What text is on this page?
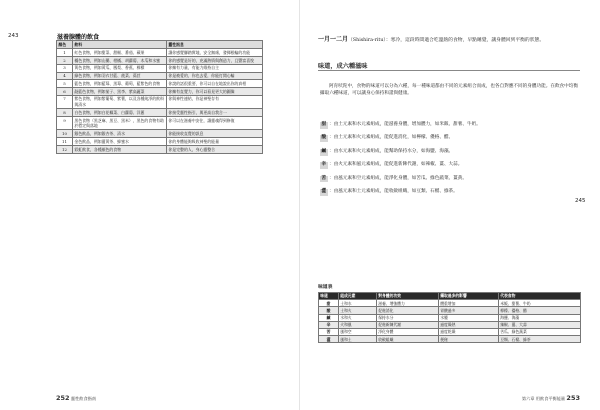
243	滋養腺體的飲食
顏色	飲料	靈性訊息
1	紅色食物，例如甜菜、甜椒、番茄、蘋果	讓你感覺腳踏實地，安全無虞，發揮根輪的功能
2	橘色食物，例如山藥、柑橘、胡蘿蔔、木瓜和水蜜	你的感覺是好的，充滿熱情與創造力，且豐富喜悅
3	黃色食物，例如黃瓜、鳳梨、香蕉、檸檬	你擁有力量，有能力維持自主
4	綠色食物，例如羽衣甘藍、菠菜、萵苣	你是被愛的，你也去愛，你能打開心輪
5	藍色食物，例如藍莓、黑莓、葡萄，藍紫色的食物	你說的話很重要，你可以自在地說出你的真相
6	靛藍色食物，例如茄子、黑李、紫高麗菜	你擁有直覺力，你可以看見更大的圖像
7	紫色食物，例如紫葡萄、紫薯，以及各種純淨的飲料與清水	你與神性連結，你是神聖存有
8	白色食物，例如白花椰菜、白蘿蔔、洋蔥	你接受靈性指引，與更高自我合一
9	黑色食物（黑芝麻、黑豆、黑米），黑色的食物有助於穩定與落地	你可以在滋養中安住，讓靈魂得到修復
10	銀色飲品，例如銀杏茶、清水	你能接收直覺的訊息
11	金色飲品，例如薑黃茶、蜂蜜水	你的身體能夠吸收神聖的能量
12	彩虹飲食，各種顏色的食物	你是完整的人，身心靈整合
252 靈性飲食指南
一月一二月（Shishira-ritu）：寒冷，這段時間適合吃溫熱的食物，早點睡覺，讓身體回到平衡的狀態。
味道，成六種滋味

阿育吠陀中，食物的味道可以分為六種，每一種味道都由不同的元素組合而成，也各自對應不同的身體功能。在飲食中均衡攝取六種味道，可以讓身心保持和諧與健康。

甜 ：由土元素和水元素組成，能滋養身體，增加體力，如米飯、甜薯、牛奶。
酸 ：由土元素和火元素組成，能促進消化，如檸檬、優格、醋。
鹹 ：由水元素和火元素組成，能幫助保持水分，如海鹽、海藻。
辛 ：由火元素和風元素組成，能促進新陳代謝，如辣椒、薑、大蒜。
苦 ：由風元素和空元素組成，能淨化身體，如苦瓜、綠色蔬菜、薑黃。
澀 ：由風元素和土元素組成，能收斂組織，如豆類、石榴、綠茶。
245
味道表
味道	組成元素	對身體的功效	攝取過多的影響	代表食物
甜	土和水	滋養、增強體力	體重增加	米飯、甜薯、牛奶
酸	土和火	促進消化	胃酸過多	檸檬、優格、醋
鹹	水和火	保持水分	水腫	海鹽、海藻
辛	火和風	促進新陳代謝	過度燥熱	辣椒、薑、大蒜
苦	風和空	淨化身體	過度乾燥	苦瓜、綠色蔬菜
澀	風和土	收斂組織	便秘	豆類、石榴、綠茶
第六章 用飲食平衡能量 253
